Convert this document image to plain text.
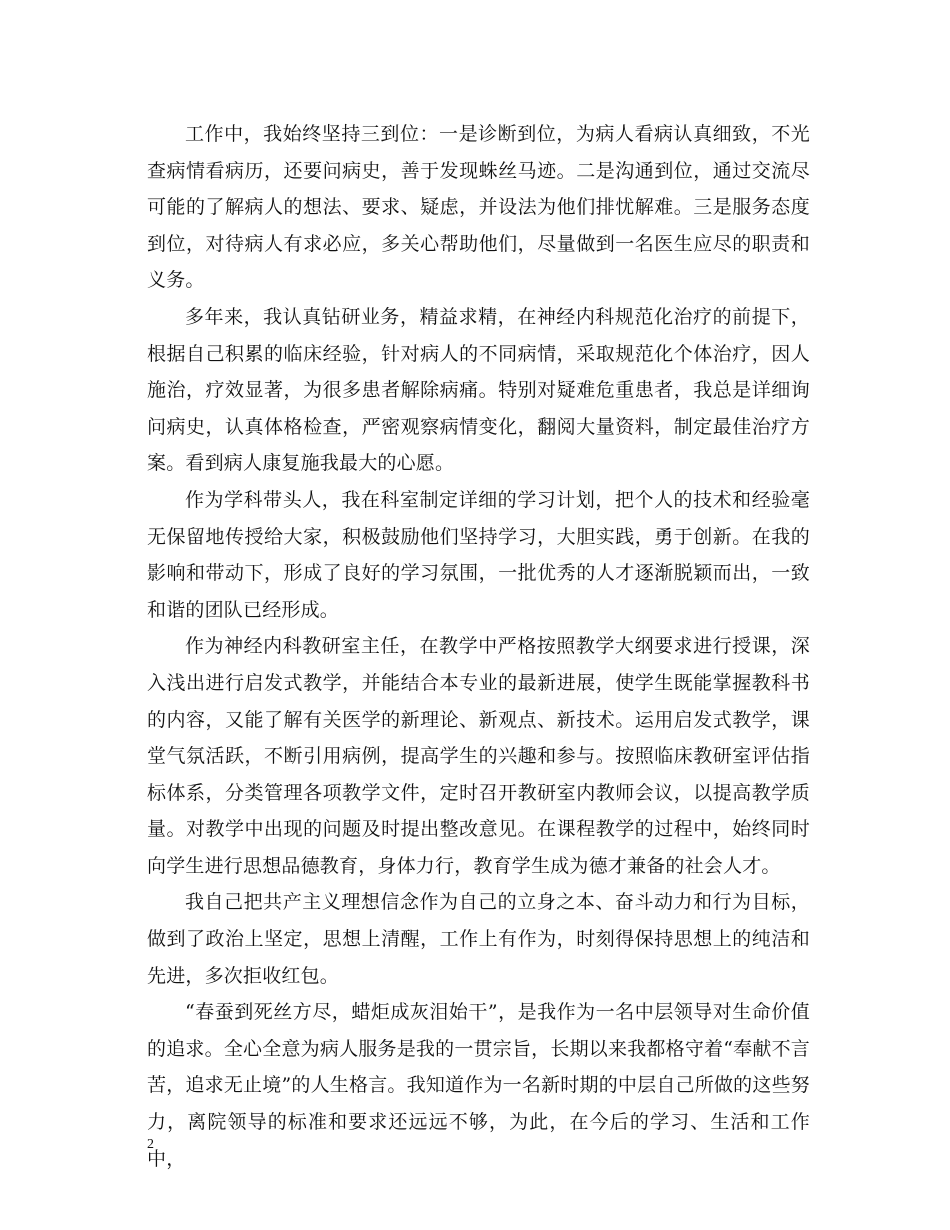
工作中，我始终坚持三到位：一是诊断到位，为病人看病认真细致，不光查病情看病历，还要问病史，善于发现蛛丝马迹。二是沟通到位，通过交流尽可能的了解病人的想法、要求、疑虑，并设法为他们排忧解难。三是服务态度到位，对待病人有求必应，多关心帮助他们，尽量做到一名医生应尽的职责和义务。

多年来，我认真钻研业务，精益求精，在神经内科规范化治疗的前提下，根据自己积累的临床经验，针对病人的不同病情，采取规范化个体治疗，因人施治，疗效显著，为很多患者解除病痛。特别对疑难危重患者，我总是详细询问病史，认真体格检查，严密观察病情变化，翻阅大量资料，制定最佳治疗方案。看到病人康复施我最大的心愿。

作为学科带头人，我在科室制定详细的学习计划，把个人的技术和经验毫无保留地传授给大家，积极鼓励他们坚持学习，大胆实践，勇于创新。在我的影响和带动下，形成了良好的学习氛围，一批优秀的人才逐渐脱颖而出，一致和谐的团队已经形成。

作为神经内科教研室主任，在教学中严格按照教学大纲要求进行授课，深入浅出进行启发式教学，并能结合本专业的最新进展，使学生既能掌握教科书的内容，又能了解有关医学的新理论、新观点、新技术。运用启发式教学，课堂气氛活跃，不断引用病例，提高学生的兴趣和参与。按照临床教研室评估指标体系，分类管理各项教学文件，定时召开教研室内教师会议，以提高教学质量。对教学中出现的问题及时提出整改意见。在课程教学的过程中，始终同时向学生进行思想品德教育，身体力行，教育学生成为德才兼备的社会人才。

我自己把共产主义理想信念作为自己的立身之本、奋斗动力和行为目标，做到了政治上坚定，思想上清醒，工作上有作为，时刻得保持思想上的纯洁和先进，多次拒收红包。

“春蚕到死丝方尽，蜡炬成灰泪始干”，是我作为一名中层领导对生命价值的追求。全心全意为病人服务是我的一贯宗旨，长期以来我都格守着“奉献不言苦，追求无止境”的人生格言。我知道作为一名新时期的中层自己所做的这些努力，离院领导的标准和要求还远远不够，为此，在今后的学习、生活和工作中，

2
